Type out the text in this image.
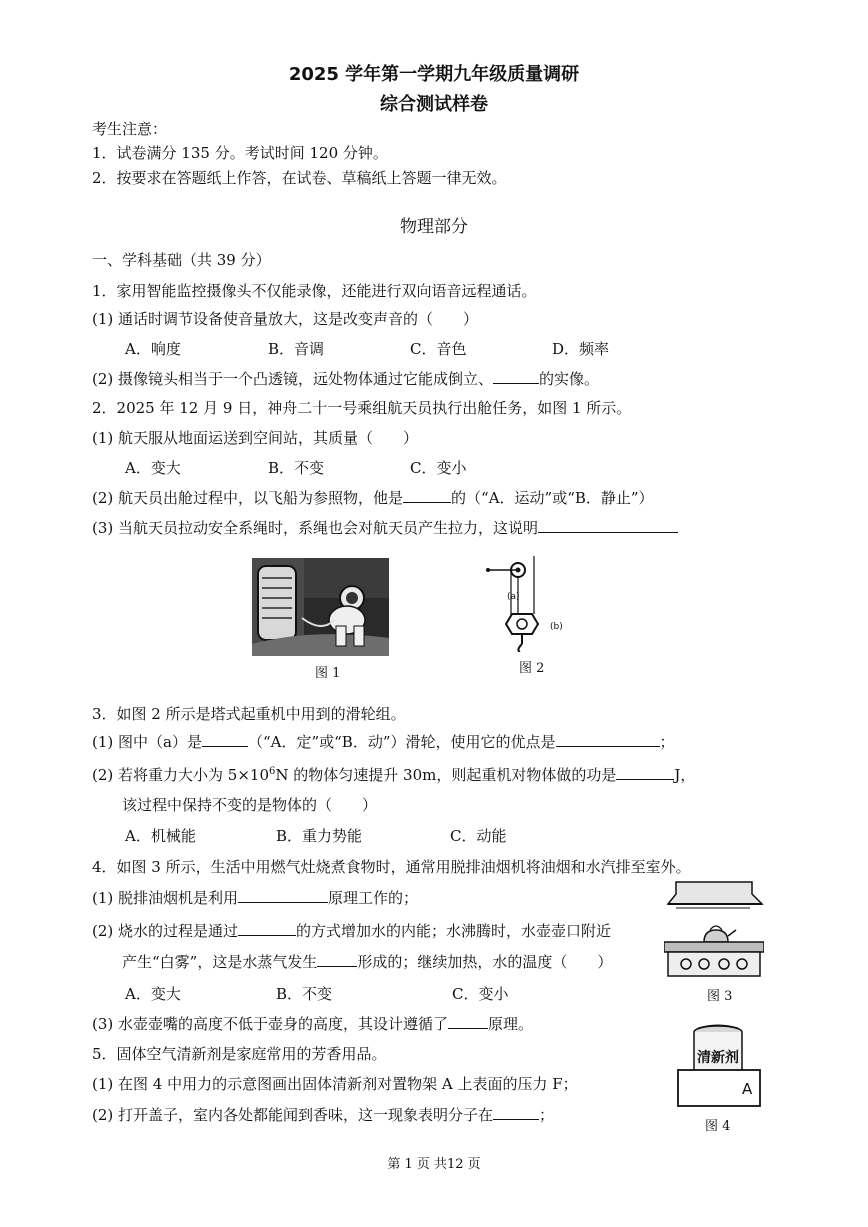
2025 学年第一学期九年级质量调研
综合测试样卷
考生注意：
1．试卷满分 135 分。考试时间 120 分钟。
2．按要求在答题纸上作答，在试卷、草稿纸上答题一律无效。
物理部分
一、学科基础（共 39 分）
1．家用智能监控摄像头不仅能录像，还能进行双向语音远程通话。
(1) 通话时调节设备使音量放大，这是改变声音的（　　）
A．响度	B．音调	C．音色	D．频率
(2) 摄像镜头相当于一个凸透镜，远处物体通过它能成倒立、	的实像。
2．2025 年 12 月 9 日，神舟二十一号乘组航天员执行出舱任务，如图 1 所示。
(1) 航天服从地面运送到空间站，其质量（　　）
A．变大	B．不变	C．变小
(2) 航天员出舱过程中，以飞船为参照物，他是	的（“A．运动”或“B．静止”）
(3) 当航天员拉动安全系绳时，系绳也会对航天员产生拉力，这说明
图 1
(a)
(b)
图 2
3．如图 2 所示是塔式起重机中用到的滑轮组。
(1) 图中（a）是	（“A．定”或“B．动”）滑轮，使用它的优点是	；
(2) 若将重力大小为 $5\times 10^6N$ 的物体匀速提升 30m，则起重机对物体做的功是	J，
该过程中保持不变的是物体的（　　）
A．机械能	B．重力势能	C．动能
4．如图 3 所示，生活中用燃气灶烧煮食物时，通常用脱排油烟机将油烟和水汽排至室外。
(1) 脱排油烟机是利用	原理工作的；
(2) 烧水的过程是通过	的方式增加水的内能；水沸腾时，水壶壶口附近
产生“白雾”，这是水蒸气发生	形成的；继续加热，水的温度（　　）
A．变大	B．不变	C．变小
(3) 水壶壶嘴的高度不低于壶身的高度，其设计遵循了	原理。
图 3
5．固体空气清新剂是家庭常用的芳香用品。
(1) 在图 4 中用力的示意图画出固体清新剂对置物架 A 上表面的压力 F；
(2) 打开盖子，室内各处都能闻到香味，这一现象表明分子在	；
清新剂
A
图 4
第 1 页 共12 页
